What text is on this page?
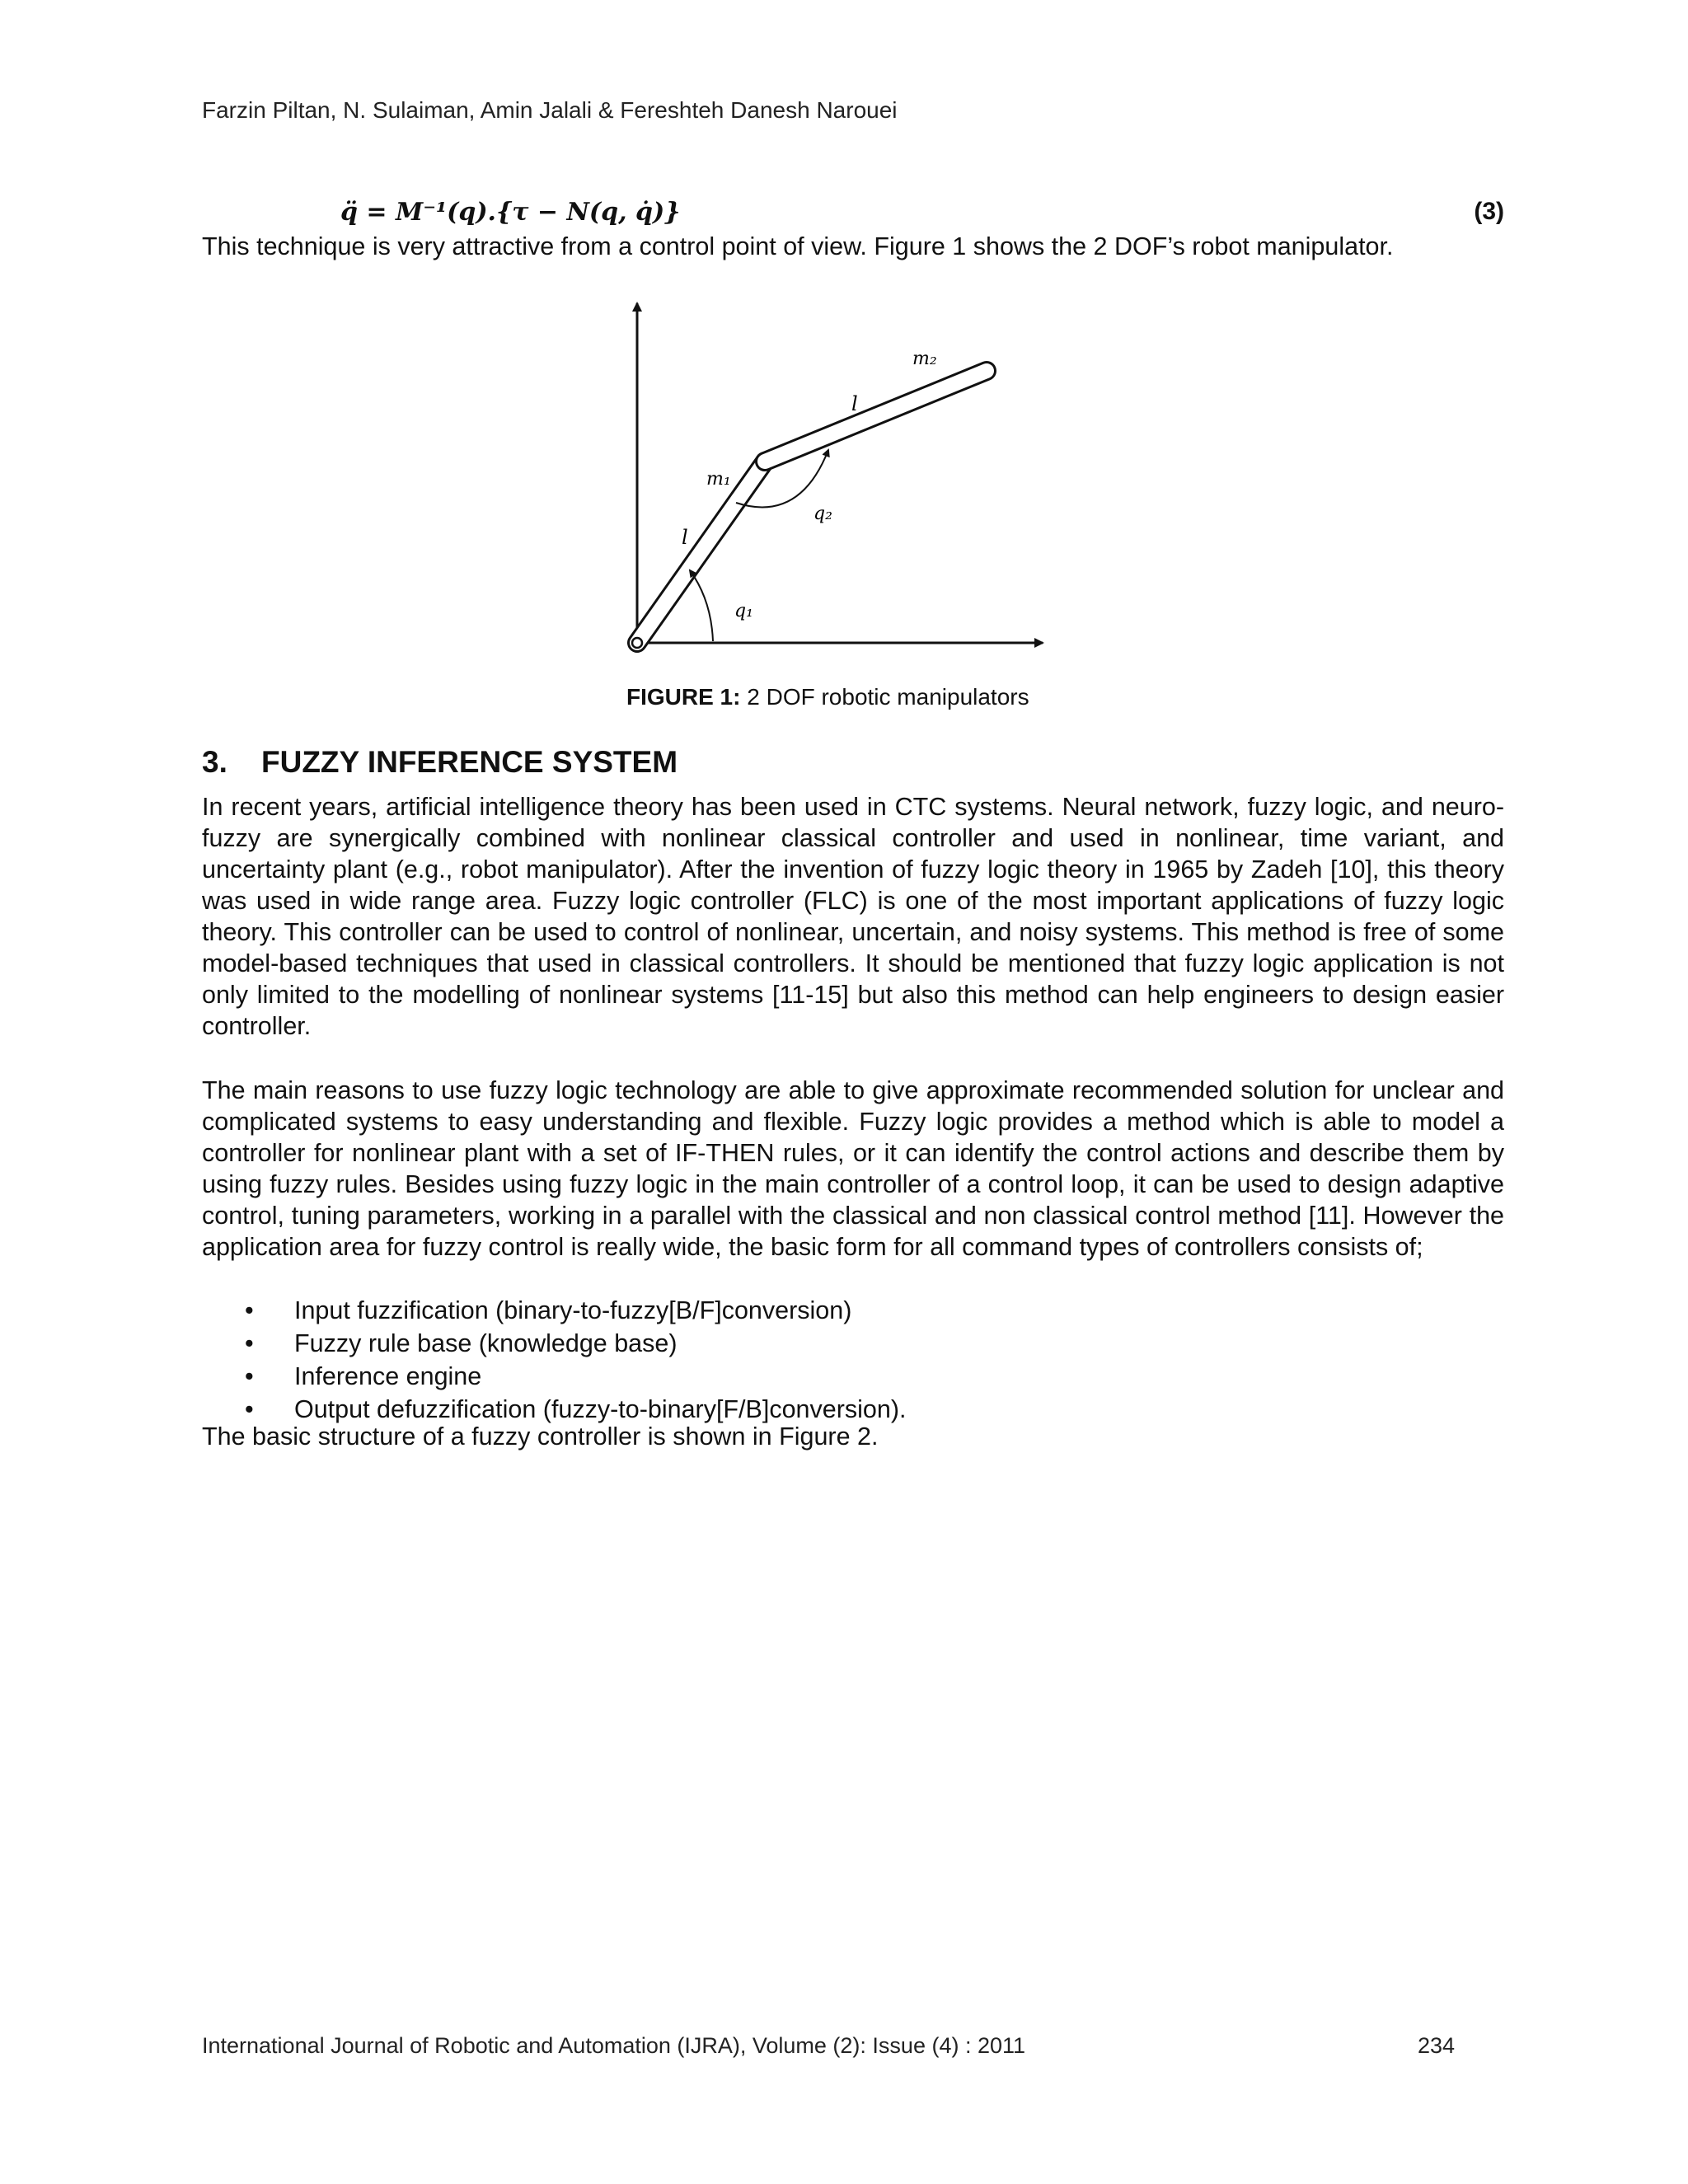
Farzin Piltan, N. Sulaiman, Amin Jalali & Fereshteh Danesh Narouei
q̈ = M⁻¹(q).{τ − N(q, q̇)}	(3)

This technique is very attractive from a control point of view. Figure 1 shows the 2 DOF’s robot manipulator.

m₂
l
m₁
l
q₂
q₁
FIGURE 1: 2 DOF robotic manipulators
3. FUZZY INFERENCE SYSTEM

In recent years, artificial intelligence theory has been used in CTC systems. Neural network, fuzzy logic, and neuro-fuzzy are synergically combined with nonlinear classical controller and used in nonlinear, time variant, and uncertainty plant (e.g., robot manipulator). After the invention of fuzzy logic theory in 1965 by Zadeh [10], this theory was used in wide range area. Fuzzy logic controller (FLC) is one of the most important applications of fuzzy logic theory. This controller can be used to control of nonlinear, uncertain, and noisy systems. This method is free of some model-based techniques that used in classical controllers. It should be mentioned that fuzzy logic application is not only limited to the modelling of nonlinear systems [11-15] but also this method can help engineers to design easier controller.

The main reasons to use fuzzy logic technology are able to give approximate recommended solution for unclear and complicated systems to easy understanding and flexible. Fuzzy logic provides a method which is able to model a controller for nonlinear plant with a set of IF-THEN rules, or it can identify the control actions and describe them by using fuzzy rules. Besides using fuzzy logic in the main controller of a control loop, it can be used to design adaptive control, tuning parameters, working in a parallel with the classical and non classical control method [11]. However the application area for fuzzy control is really wide, the basic form for all command types of controllers consists of;

• Input fuzzification (binary-to-fuzzy[B/F]conversion)
• Fuzzy rule base (knowledge base)
• Inference engine
• Output defuzzification (fuzzy-to-binary[F/B]conversion).

The basic structure of a fuzzy controller is shown in Figure 2.

International Journal of Robotic and Automation (IJRA), Volume (2): Issue (4) : 2011	234
